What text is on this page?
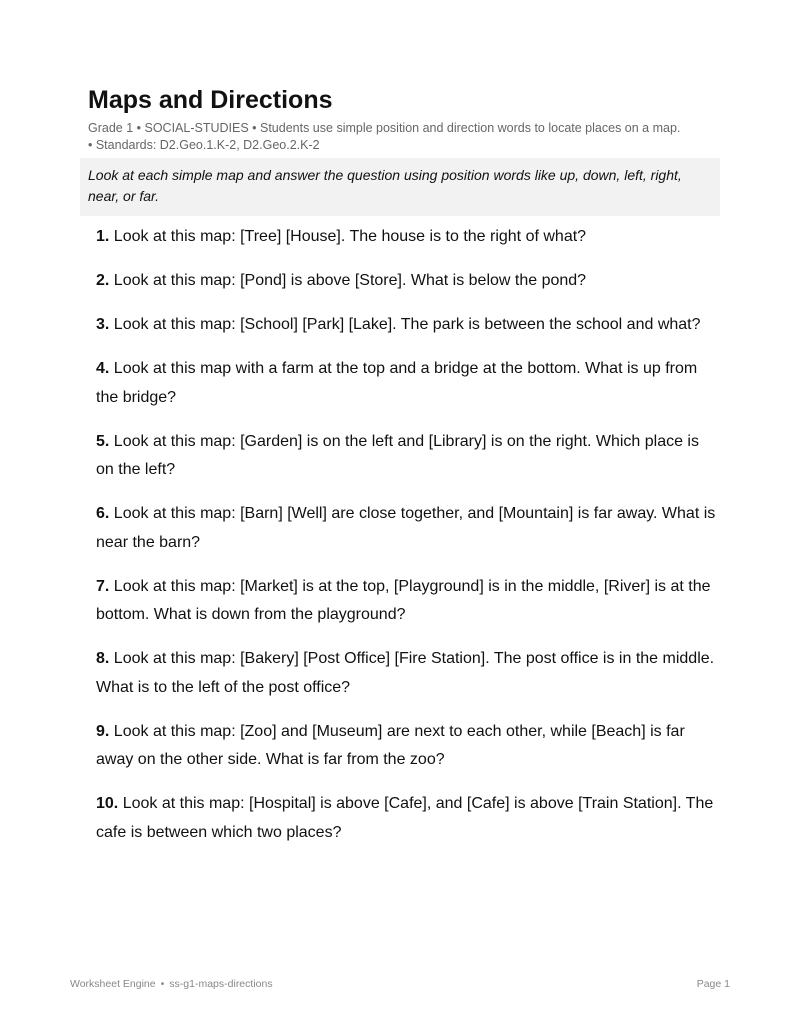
Maps and Directions
Grade 1 • SOCIAL-STUDIES • Students use simple position and direction words to locate places on a map.
• Standards: D2.Geo.1.K-2, D2.Geo.2.K-2
Look at each simple map and answer the question using position words like up, down, left, right, near, or far.
1. Look at this map: [Tree] [House]. The house is to the right of what?
2. Look at this map: [Pond] is above [Store]. What is below the pond?
3. Look at this map: [School] [Park] [Lake]. The park is between the school and what?
4. Look at this map with a farm at the top and a bridge at the bottom. What is up from the bridge?
5. Look at this map: [Garden] is on the left and [Library] is on the right. Which place is on the left?
6. Look at this map: [Barn] [Well] are close together, and [Mountain] is far away. What is near the barn?
7. Look at this map: [Market] is at the top, [Playground] is in the middle, [River] is at the bottom. What is down from the playground?
8. Look at this map: [Bakery] [Post Office] [Fire Station]. The post office is in the middle. What is to the left of the post office?
9. Look at this map: [Zoo] and [Museum] are next to each other, while [Beach] is far away on the other side. What is far from the zoo?
10. Look at this map: [Hospital] is above [Cafe], and [Cafe] is above [Train Station]. The cafe is between which two places?
Worksheet Engine • ss-g1-maps-directions	Page 1
